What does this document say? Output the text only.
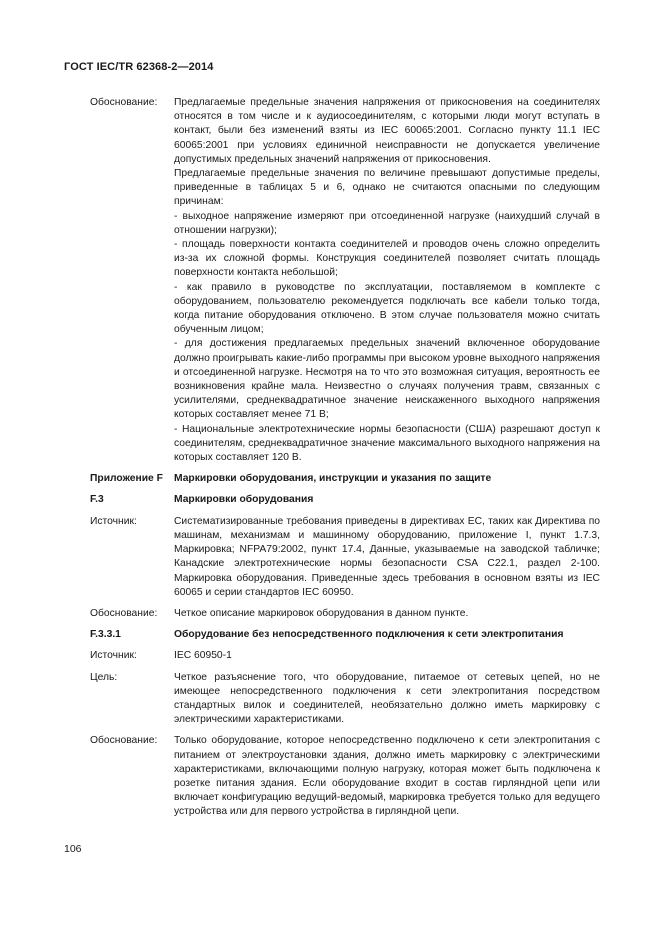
ГОСТ IEC/TR 62368-2—2014
Обоснование:	Предлагаемые предельные значения напряжения от прикосновения на соединителях относятся в том числе и к аудиосоединителям, с которыми люди могут вступать в контакт, были без изменений взяты из IEC 60065:2001. Согласно пункту 11.1 IEC 60065:2001 при условиях единичной неисправности не допускается увеличение допустимых предельных значений напряжения от прикосновения.

Предлагаемые предельные значения по величине превышают допустимые пределы, приведенные в таблицах 5 и 6, однако не считаются опасными по следующим причинам:

- выходное напряжение измеряют при отсоединенной нагрузке (наихудший случай в отношении нагрузки);

- площадь поверхности контакта соединителей и проводов очень сложно определить из-за их сложной формы. Конструкция соединителей позволяет считать площадь поверхности контакта небольшой;

- как правило в руководстве по эксплуатации, поставляемом в комплекте с оборудованием, пользователю рекомендуется подключать все кабели только тогда, когда питание оборудования отключено. В этом случае пользователя можно считать обученным лицом;

- для достижения предлагаемых предельных значений включенное оборудование должно проигрывать какие-либо программы при высоком уровне выходного напряжения и отсоединенной нагрузке. Несмотря на то что это возможная ситуация, вероятность ее возникновения крайне мала. Неизвестно о случаях получения травм, связанных с усилителями, среднеквадратичное значение неискаженного выходного напряжения которых составляет менее 71 В;

- Национальные электротехнические нормы безопасности (США) разрешают доступ к соединителям, среднеквадратичное значение максимального выходного напряжения на которых составляет 120 В.

Приложение F	Маркировки оборудования, инструкции и указания по защите
F.3	Маркировки оборудования
Источник:	Систематизированные требования приведены в директивах ЕС, таких как Директива по машинам, механизмам и машинному оборудованию, приложение I, пункт 1.7.3, Маркировка; NFPA79:2002, пункт 17.4, Данные, указываемые на заводской табличке; Канадские электротехнические нормы безопасности CSA C22.1, раздел 2-100. Маркировка оборудования. Приведенные здесь требования в основном взяты из IEC 60065 и серии стандартов IEC 60950.
Обоснование:	Четкое описание маркировок оборудования в данном пункте.
F.3.3.1	Оборудование без непосредственного подключения к сети электропитания
Источник:	IEC 60950-1
Цель:	Четкое разъяснение того, что оборудование, питаемое от сетевых цепей, но не имеющее непосредственного подключения к сети электропитания посредством стандартных вилок и соединителей, необязательно должно иметь маркировку с электрическими характеристиками.
Обоснование:	Только оборудование, которое непосредственно подключено к сети электропитания с питанием от электроустановки здания, должно иметь маркировку с электрическими характеристиками, включающими полную нагрузку, которая может быть подключена к розетке питания здания. Если оборудование входит в состав гирляндной цепи или включает конфигурацию ведущий-ведомый, маркировка требуется только для ведущего устройства или для первого устройства в гирляндной цепи.
106
